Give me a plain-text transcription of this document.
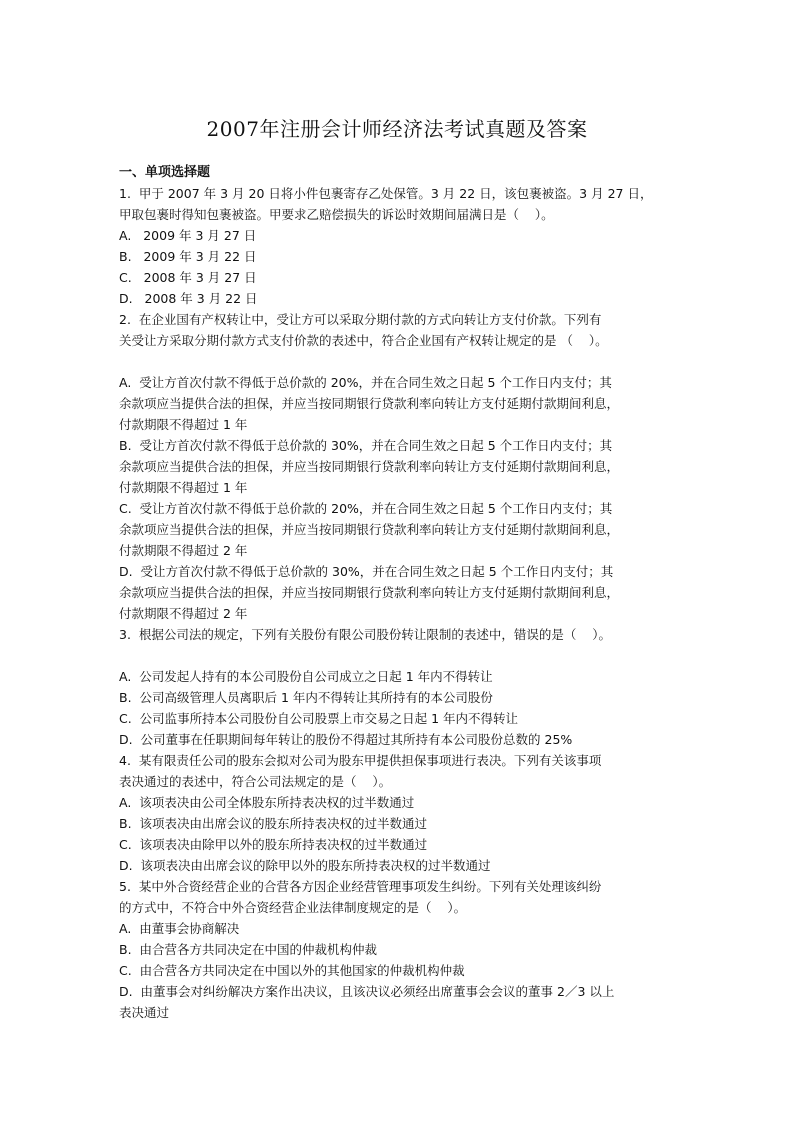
2007年注册会计师经济法考试真题及答案
一、单项选择题
1.  甲于 2007 年 3 月 20 日将小件包裹寄存乙处保管。3 月 22 日，该包裹被盗。3 月 27 日，
甲取包裹时得知包裹被盗。甲要求乙赔偿损失的诉讼时效期间届满日是（    ）。
A.   2009 年 3 月 27 日
B.   2009 年 3 月 22 日
C.   2008 年 3 月 27 日
D.   2008 年 3 月 22 日
2.  在企业国有产权转让中，受让方可以采取分期付款的方式向转让方支付价款。下列有
关受让方采取分期付款方式支付价款的表述中，符合企业国有产权转让规定的是 （    ）。
A.  受让方首次付款不得低于总价款的 20%，并在合同生效之日起 5 个工作日内支付；其
余款项应当提供合法的担保，并应当按同期银行贷款利率向转让方支付延期付款期间利息，
付款期限不得超过 1 年
B.  受让方首次付款不得低于总价款的 30%，并在合同生效之日起 5 个工作日内支付；其
余款项应当提供合法的担保，并应当按同期银行贷款利率向转让方支付延期付款期间利息，
付款期限不得超过 1 年
C.  受让方首次付款不得低于总价款的 20%，并在合同生效之日起 5 个工作日内支付；其
余款项应当提供合法的担保，并应当按同期银行贷款利率向转让方支付延期付款期间利息，
付款期限不得超过 2 年
D.  受让方首次付款不得低于总价款的 30%，并在合同生效之日起 5 个工作日内支付；其
余款项应当提供合法的担保，并应当按同期银行贷款利率向转让方支付延期付款期间利息，
付款期限不得超过 2 年
3.  根据公司法的规定，下列有关股份有限公司股份转让限制的表述中，错误的是（    ）。
A.  公司发起人持有的本公司股份自公司成立之日起 1 年内不得转让
B.  公司高级管理人员离职后 1 年内不得转让其所持有的本公司股份
C.  公司监事所持本公司股份自公司股票上市交易之日起 1 年内不得转让
D.  公司董事在任职期间每年转让的股份不得超过其所持有本公司股份总数的 25%
4.  某有限责任公司的股东会拟对公司为股东甲提供担保事项进行表决。下列有关该事项
表决通过的表述中，符合公司法规定的是（    ）。
A.  该项表决由公司全体股东所持表决权的过半数通过
B.  该项表决由出席会议的股东所持表决权的过半数通过
C.  该项表决由除甲以外的股东所持表决权的过半数通过
D.  该项表决由出席会议的除甲以外的股东所持表决权的过半数通过
5.  某中外合资经营企业的合营各方因企业经营管理事项发生纠纷。下列有关处理该纠纷
的方式中，不符合中外合资经营企业法律制度规定的是（    ）。
A.  由董事会协商解决
B.  由合营各方共同决定在中国的仲裁机构仲裁
C.  由合营各方共同决定在中国以外的其他国家的仲裁机构仲裁
D.  由董事会对纠纷解决方案作出决议，且该决议必须经出席董事会会议的董事 2／3 以上
表决通过
